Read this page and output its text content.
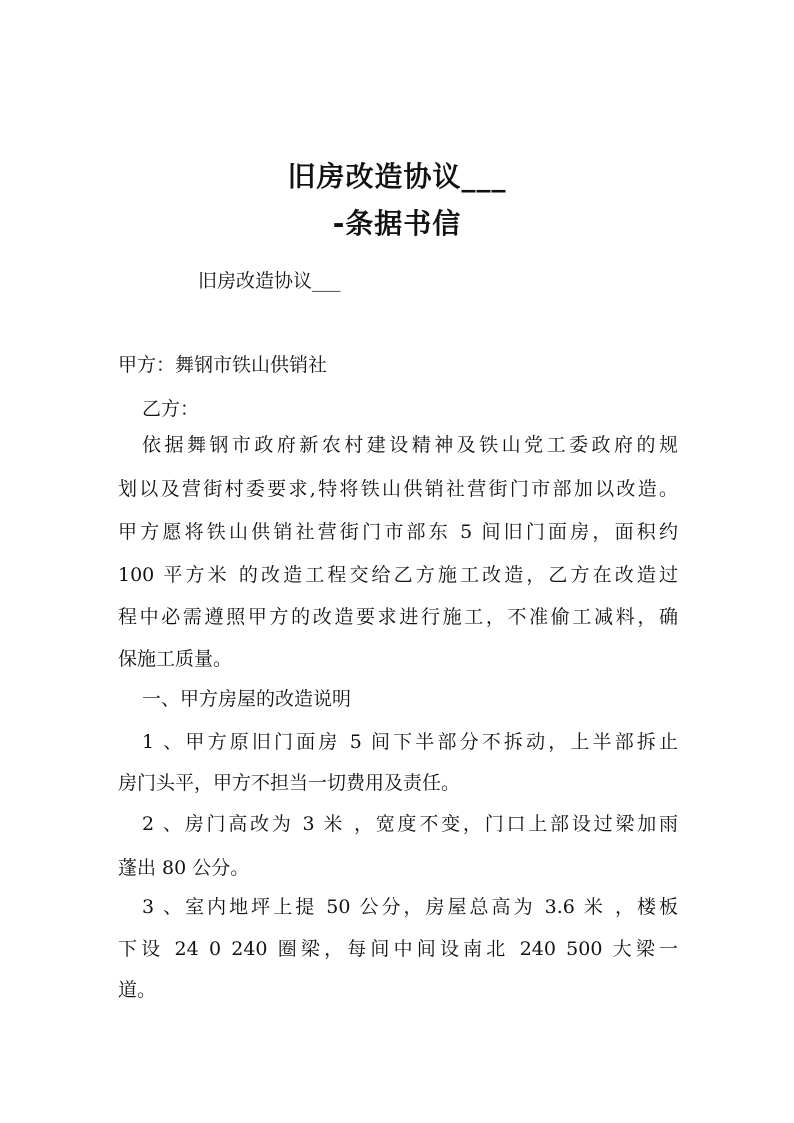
旧房改造协议___
-条据书信

旧房改造协议___

甲方：舞钢市铁山供销社

乙方：

依据舞钢市政府新农村建设精神及铁山党工委政府的规

划以及营街村委要求,特将铁山供销社营街门市部加以改造。

甲方愿将铁山供销社营街门市部东 5 间旧门面房，面积约

100 平方米 的改造工程交给乙方施工改造，乙方在改造过

程中必需遵照甲方的改造要求进行施工，不准偷工减料，确

保施工质量。

一、甲方房屋的改造说明

1 、甲方原旧门面房 5 间下半部分不拆动，上半部拆止

房门头平，甲方不担当一切费用及责任。

2 、房门高改为 3 米 ，宽度不变，门口上部设过梁加雨

蓬出 80 公分。

3 、室内地坪上提 50 公分，房屋总高为 3.6 米 ，楼板

下设 24 0 240 圈梁，每间中间设南北 240 500 大梁一

道。
